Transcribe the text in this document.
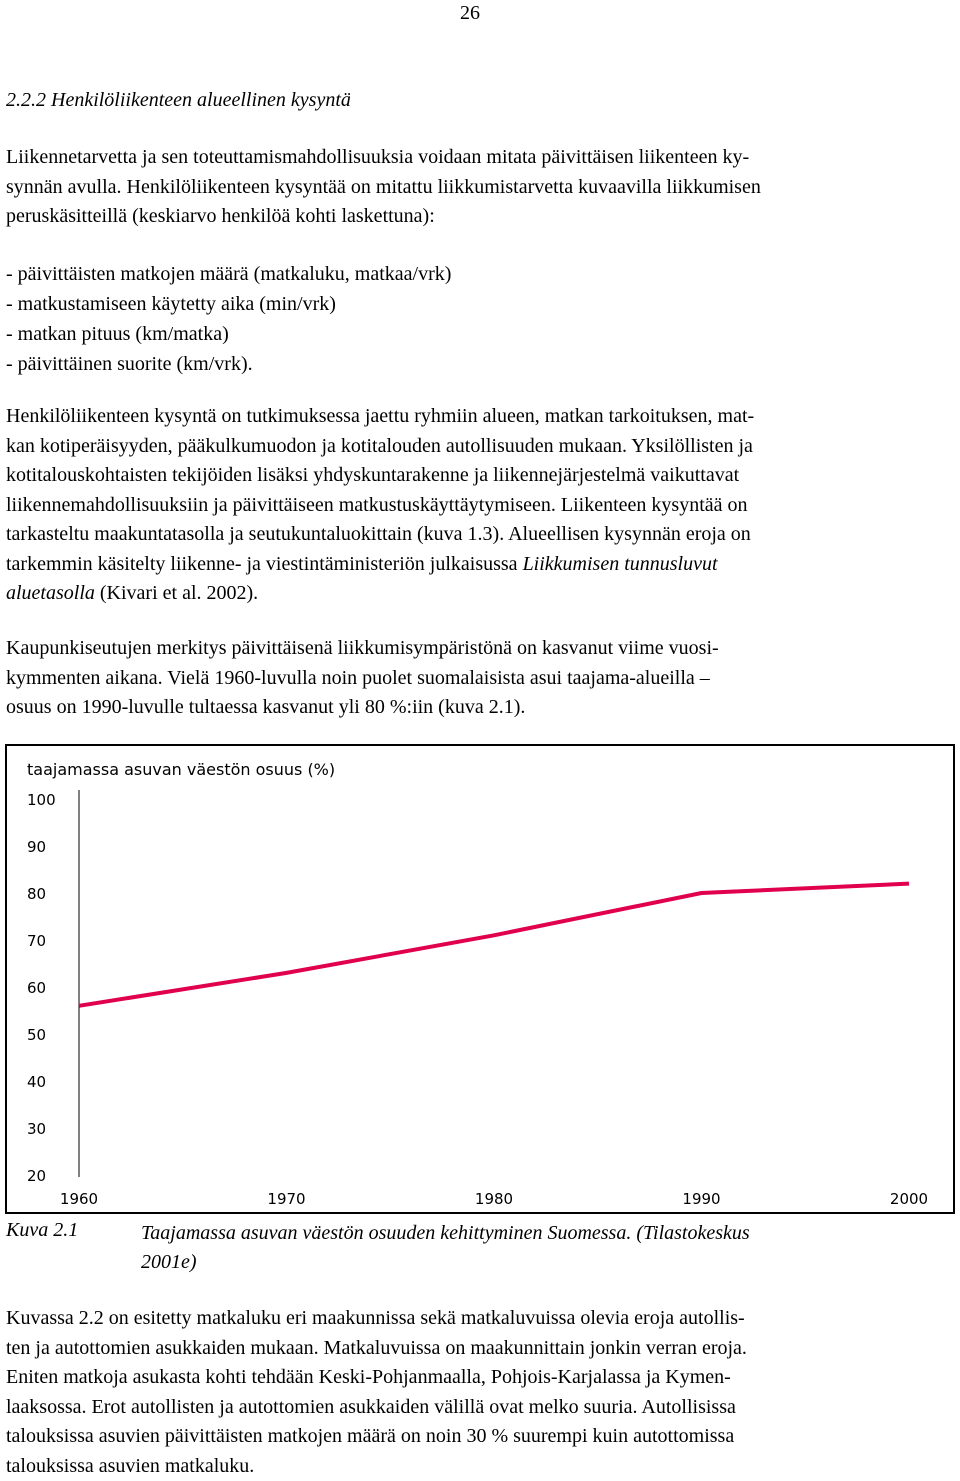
26
2.2.2 Henkilöliikenteen alueellinen kysyntä
Liikennetarvetta ja sen toteuttamismahdollisuuksia voidaan mitata päivittäisen liikenteen ky-
synnän avulla. Henkilöliikenteen kysyntää on mitattu liikkumistarvetta kuvaavilla liikkumisen
peruskäsitteillä (keskiarvo henkilöä kohti laskettuna):
- päivittäisten matkojen määrä (matkaluku, matkaa/vrk)
- matkustamiseen käytetty aika (min/vrk)
- matkan pituus (km/matka)
- päivittäinen suorite (km/vrk).
Henkilöliikenteen kysyntä on tutkimuksessa jaettu ryhmiin alueen, matkan tarkoituksen, mat-
kan kotiperäisyyden, pääkulkumuodon ja kotitalouden autollisuuden mukaan. Yksilöllisten ja
kotitalouskohtaisten tekijöiden lisäksi yhdyskuntarakenne ja liikennejärjestelmä vaikuttavat
liikennemahdollisuuksiin ja päivittäiseen matkustuskäyttäytymiseen. Liikenteen kysyntää on
tarkasteltu maakuntatasolla ja seutukuntaluokittain (kuva 1.3). Alueellisen kysynnän eroja on
tarkemmin käsitelty liikenne- ja viestintäministeriön julkaisussa Liikkumisen tunnusluvut
aluetasolla (Kivari et al. 2002).
Kaupunkiseutujen merkitys päivittäisenä liikkumisympäristönä on kasvanut viime vuosi-
kymmenten aikana. Vielä 1960-luvulla noin puolet suomalaisista asui taajama-alueilla –
osuus on 1990-luvulle tultaessa kasvanut yli 80 %:iin (kuva 2.1).
taajamassa asuvan väestön osuus (%)
100
90
80
70
60
50
40
30
20
1960	1970	1980	1990	2000
Kuva 2.1	Taajamassa asuvan väestön osuuden kehittyminen Suomessa. (Tilastokeskus
2001e)
Kuvassa 2.2 on esitetty matkaluku eri maakunnissa sekä matkaluvuissa olevia eroja autollis-
ten ja autottomien asukkaiden mukaan. Matkaluvuissa on maakunnittain jonkin verran eroja.
Eniten matkoja asukasta kohti tehdään Keski-Pohjanmaalla, Pohjois-Karjalassa ja Kymen-
laaksossa. Erot autollisten ja autottomien asukkaiden välillä ovat melko suuria. Autollisissa
talouksissa asuvien päivittäisten matkojen määrä on noin 30 % suurempi kuin autottomissa
talouksissa asuvien matkaluku.
